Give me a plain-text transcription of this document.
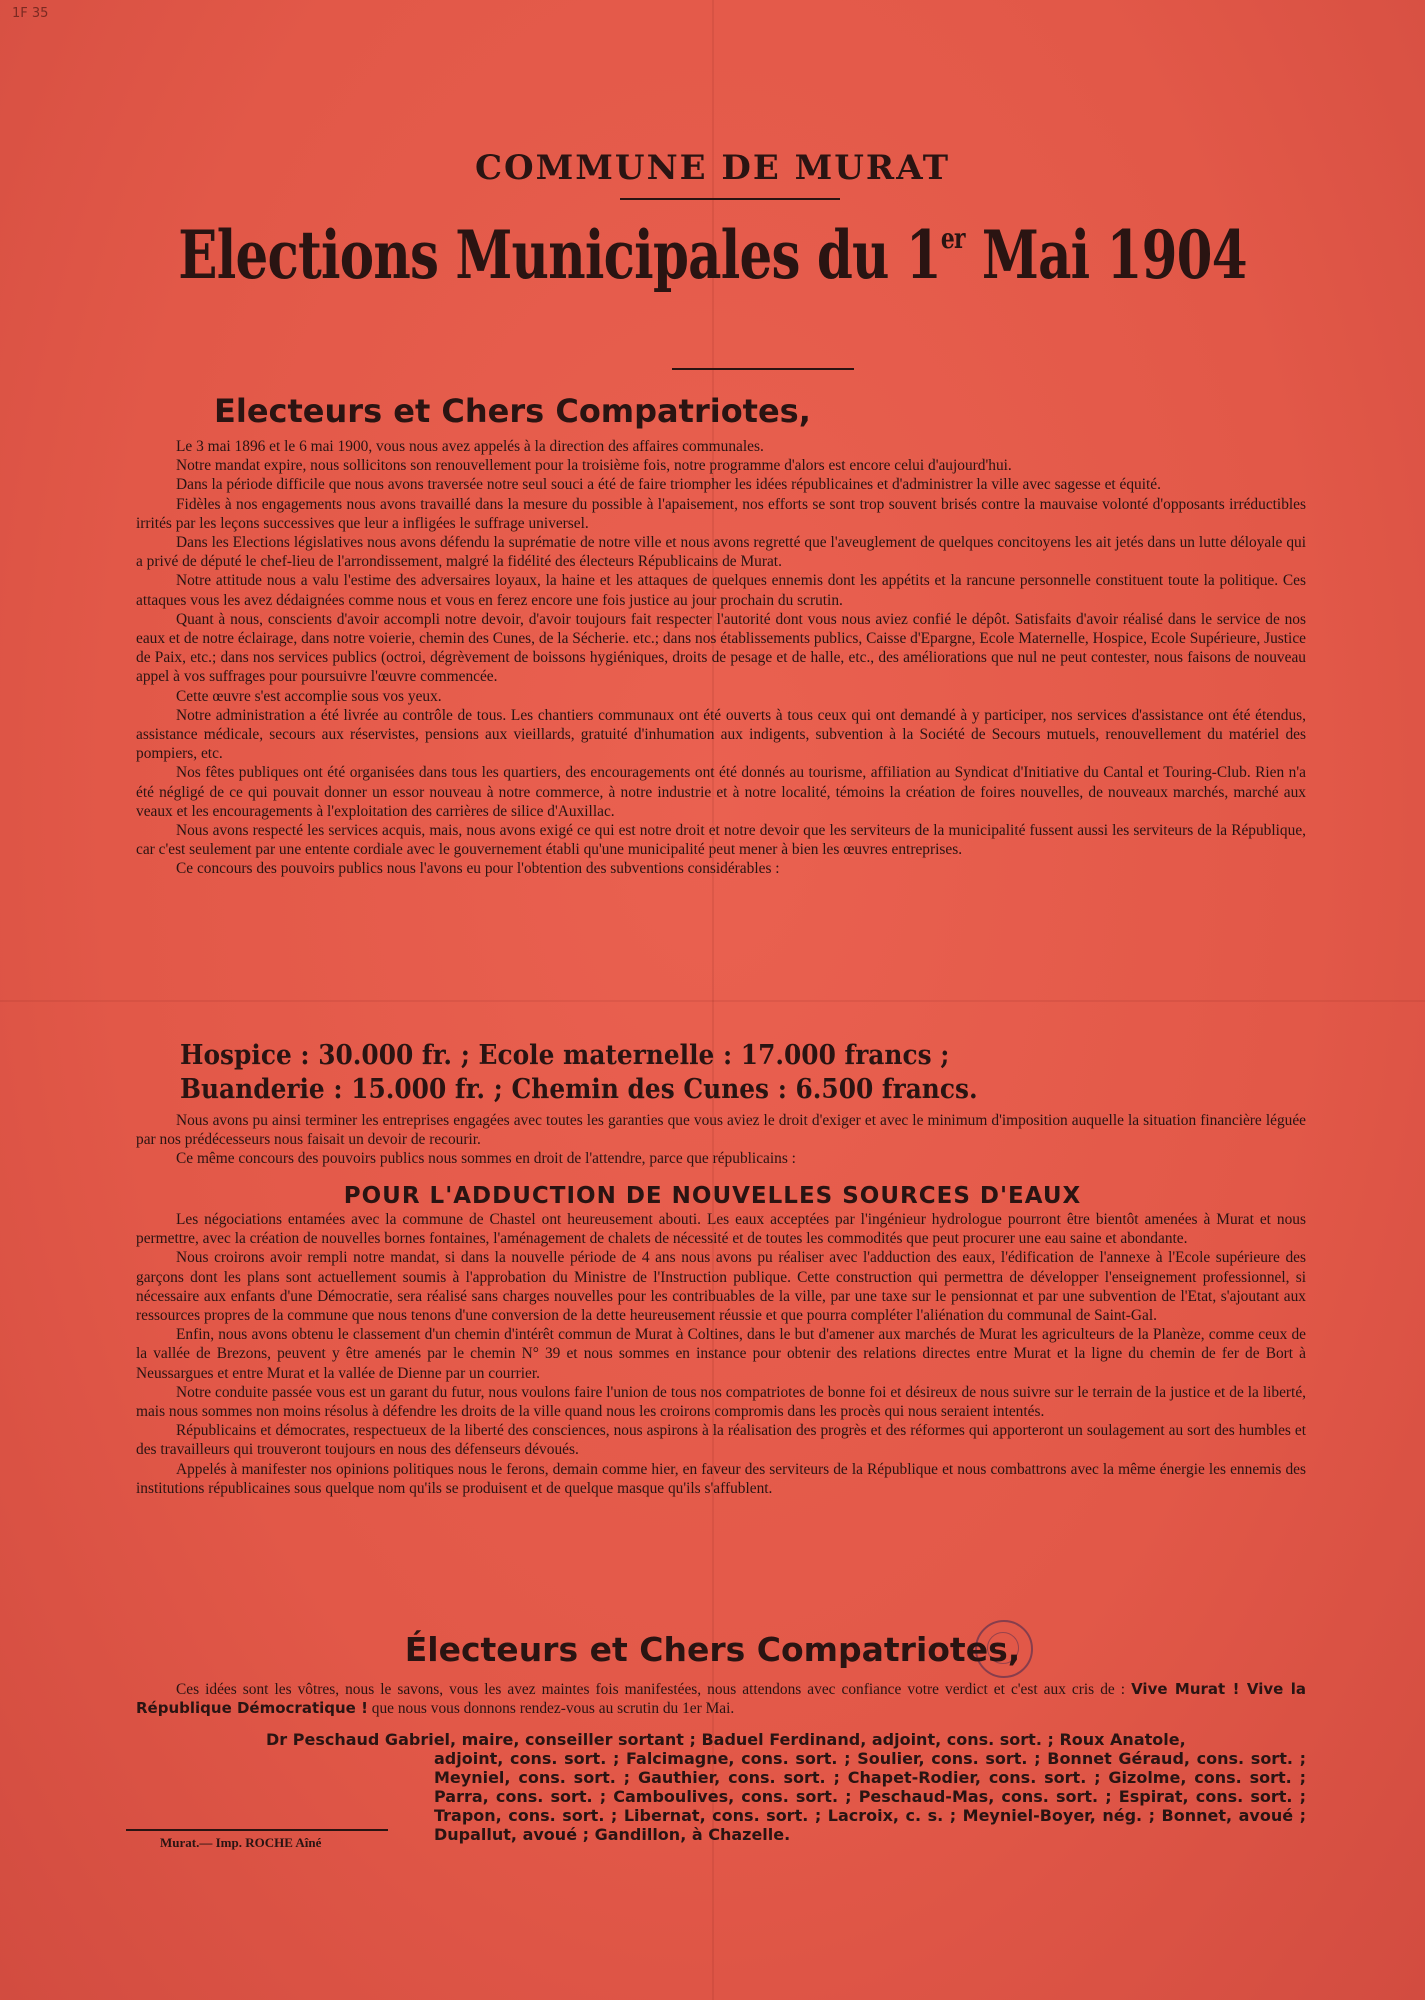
1F 35
COMMUNE DE MURAT
Elections Municipales du 1er Mai 1904
Electeurs et Chers Compatriotes,

Le 3 mai 1896 et le 6 mai 1900, vous nous avez appelés à la direction des affaires communales.

Notre mandat expire, nous sollicitons son renouvellement pour la troisième fois, notre programme d'alors est encore celui d'aujourd'hui.

Dans la période difficile que nous avons traversée notre seul souci a été de faire triompher les idées républicaines et d'administrer la ville avec sagesse et équité.

Fidèles à nos engagements nous avons travaillé dans la mesure du possible à l'apaisement, nos efforts se sont trop souvent brisés contre la mauvaise volonté d'opposants irréductibles irrités par les leçons successives que leur a infligées le suffrage universel.

Dans les Elections législatives nous avons défendu la suprématie de notre ville et nous avons regretté que l'aveuglement de quelques concitoyens les ait jetés dans un lutte déloyale qui a privé de député le chef-lieu de l'arrondissement, malgré la fidélité des électeurs Républicains de Murat.

Notre attitude nous a valu l'estime des adversaires loyaux, la haine et les attaques de quelques ennemis dont les appétits et la rancune personnelle constituent toute la politique. Ces attaques vous les avez dédaignées comme nous et vous en ferez encore une fois justice au jour prochain du scrutin.

Quant à nous, conscients d'avoir accompli notre devoir, d'avoir toujours fait respecter l'autorité dont vous nous aviez confié le dépôt. Satisfaits d'avoir réalisé dans le service de nos eaux et de notre éclairage, dans notre voierie, chemin des Cunes, de la Sécherie. etc.; dans nos établissements publics, Caisse d'Epargne, Ecole Maternelle, Hospice, Ecole Supérieure, Justice de Paix, etc.; dans nos services publics (octroi, dégrèvement de boissons hygiéniques, droits de pesage et de halle, etc., des améliorations que nul ne peut contester, nous faisons de nouveau appel à vos suffrages pour poursuivre l'œuvre commencée.

Cette œuvre s'est accomplie sous vos yeux.

Notre administration a été livrée au contrôle de tous. Les chantiers communaux ont été ouverts à tous ceux qui ont demandé à y participer, nos services d'assistance ont été étendus, assistance médicale, secours aux réservistes, pensions aux vieillards, gratuité d'inhumation aux indigents, subvention à la Société de Secours mutuels, renouvellement du matériel des pompiers, etc.

Nos fêtes publiques ont été organisées dans tous les quartiers, des encouragements ont été donnés au tourisme, affiliation au Syndicat d'Initiative du Cantal et Touring-Club. Rien n'a été négligé de ce qui pouvait donner un essor nouveau à notre commerce, à notre industrie et à notre localité, témoins la création de foires nouvelles, de nouveaux marchés, marché aux veaux et les encouragements à l'exploitation des carrières de silice d'Auxillac.

Nous avons respecté les services acquis, mais, nous avons exigé ce qui est notre droit et notre devoir que les serviteurs de la municipalité fussent aussi les serviteurs de la République, car c'est seulement par une entente cordiale avec le gouvernement établi qu'une municipalité peut mener à bien les œuvres entreprises.

Ce concours des pouvoirs publics nous l'avons eu pour l'obtention des subventions considérables :

Hospice : 30.000 fr. ; Ecole maternelle : 17.000 francs ;
Buanderie : 15.000 fr. ; Chemin des Cunes : 6.500 francs.

Nous avons pu ainsi terminer les entreprises engagées avec toutes les garanties que vous aviez le droit d'exiger et avec le minimum d'imposition auquelle la situation financière léguée par nos prédécesseurs nous faisait un devoir de recourir.

Ce même concours des pouvoirs publics nous sommes en droit de l'attendre, parce que républicains :

POUR L'ADDUCTION DE NOUVELLES SOURCES D'EAUX

Les négociations entamées avec la commune de Chastel ont heureusement abouti. Les eaux acceptées par l'ingénieur hydrologue pourront être bientôt amenées à Murat et nous permettre, avec la création de nouvelles bornes fontaines, l'aménagement de chalets de nécessité et de toutes les commodités que peut procurer une eau saine et abondante.

Nous croirons avoir rempli notre mandat, si dans la nouvelle période de 4 ans nous avons pu réaliser avec l'adduction des eaux, l'édification de l'annexe à l'Ecole supérieure des garçons dont les plans sont actuellement soumis à l'approbation du Ministre de l'Instruction publique. Cette construction qui permettra de développer l'enseignement professionnel, si nécessaire aux enfants d'une Démocratie, sera réalisé sans charges nouvelles pour les contribuables de la ville, par une taxe sur le pensionnat et par une subvention de l'Etat, s'ajoutant aux ressources propres de la commune que nous tenons d'une conversion de la dette heureusement réussie et que pourra compléter l'aliénation du communal de Saint-Gal.

Enfin, nous avons obtenu le classement d'un chemin d'intérêt commun de Murat à Coltines, dans le but d'amener aux marchés de Murat les agriculteurs de la Planèze, comme ceux de la vallée de Brezons, peuvent y être amenés par le chemin N° 39 et nous sommes en instance pour obtenir des relations directes entre Murat et la ligne du chemin de fer de Bort à Neussargues et entre Murat et la vallée de Dienne par un courrier.

Notre conduite passée vous est un garant du futur, nous voulons faire l'union de tous nos compatriotes de bonne foi et désireux de nous suivre sur le terrain de la justice et de la liberté, mais nous sommes non moins résolus à défendre les droits de la ville quand nous les croirons compromis dans les procès qui nous seraient intentés.

Républicains et démocrates, respectueux de la liberté des consciences, nous aspirons à la réalisation des progrès et des réformes qui apporteront un soulagement au sort des humbles et des travailleurs qui trouveront toujours en nous des défenseurs dévoués.

Appelés à manifester nos opinions politiques nous le ferons, demain comme hier, en faveur des serviteurs de la République et nous combattrons avec la même énergie les ennemis des institutions républicaines sous quelque nom qu'ils se produisent et de quelque masque qu'ils s'affublent.

Électeurs et Chers Compatriotes,

Ces idées sont les vôtres, nous le savons, vous les avez maintes fois manifestées, nous attendons avec confiance votre verdict et c'est aux cris de : Vive Murat ! Vive la République Démocratique ! que nous vous donnons rendez-vous au scrutin du 1er Mai.

Dr Peschaud Gabriel, maire, conseiller sortant ; Baduel Ferdinand, adjoint, cons. sort. ; Roux Anatole,
adjoint, cons. sort. ; Falcimagne, cons. sort. ; Soulier, cons. sort. ; Bonnet Géraud, cons. sort. ; Meyniel, cons. sort. ; Gauthier, cons. sort. ; Chapet-Rodier, cons. sort. ; Gizolme, cons. sort. ; Parra, cons. sort. ; Camboulives, cons. sort. ; Peschaud-Mas, cons. sort. ; Espirat, cons. sort. ; Trapon, cons. sort. ; Libernat, cons. sort. ; Lacroix, c. s. ; Meyniel-Boyer, nég. ; Bonnet, avoué ; Dupallut, avoué ; Gandillon, à Chazelle.
Murat.— Imp. ROCHE Aîné
